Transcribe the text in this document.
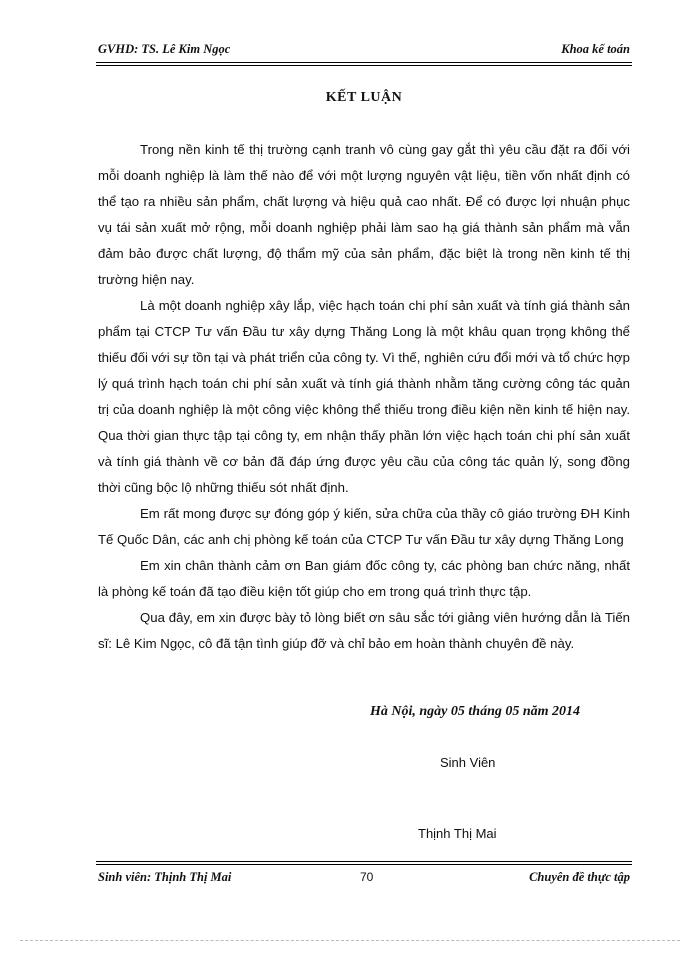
GVHD: TS. Lê Kim Ngọc	Khoa kế toán
KẾT LUẬN

Trong nền kinh tế thị trường cạnh tranh vô cùng gay gắt thì yêu cầu đặt ra đối với mỗi doanh nghiệp là làm thế nào để với một lượng nguyên vật liệu, tiền vốn nhất định có thể tạo ra nhiều sản phẩm, chất lượng và hiệu quả cao nhất. Để có được lợi nhuận phục vụ tái sản xuất mở rộng, mỗi doanh nghiệp phải làm sao hạ giá thành sản phẩm mà vẫn đảm bảo được chất lượng, độ thẩm mỹ của sản phẩm, đặc biệt là trong nền kinh tế thị trường hiện nay.

Là một doanh nghiệp xây lắp, việc hạch toán chi phí sản xuất và tính giá thành sản phẩm tại CTCP Tư vấn Đầu tư xây dựng Thăng Long là một khâu quan trọng không thể thiếu đối với sự tồn tại và phát triển của công ty. Vì thế, nghiên cứu đổi mới và tổ chức hợp lý quá trình hạch toán chi phí sản xuất và tính giá thành nhằm tăng cường công tác quản trị của doanh nghiệp là một công việc không thể thiếu trong điều kiện nền kinh tế hiện nay. Qua thời gian thực tập tại công ty, em nhận thấy phần lớn việc hạch toán chi phí sản xuất và tính giá thành về cơ bản đã đáp ứng được yêu cầu của công tác quản lý, song đồng thời cũng bộc lộ những thiếu sót nhất định.

Em rất mong được sự đóng góp ý kiến, sửa chữa của thầy cô giáo trường ĐH Kinh Tế Quốc Dân, các anh chị phòng kế toán của CTCP Tư vấn Đầu tư xây dựng Thăng Long

Em xin chân thành cảm ơn Ban giám đốc công ty, các phòng ban chức năng, nhất là phòng kế toán đã tạo điều kiện tốt giúp cho em trong quá trình thực tập.

Qua đây, em xin được bày tỏ lòng biết ơn sâu sắc tới giảng viên hướng dẫn là Tiến sĩ: Lê Kim Ngọc, cô đã tận tình giúp đỡ và chỉ bảo em hoàn thành chuyên đề này.

Hà Nội, ngày 05 tháng 05 năm 2014
Sinh Viên
Thịnh Thị Mai
Sinh viên: Thịnh Thị Mai	70	Chuyên đề thực tập
